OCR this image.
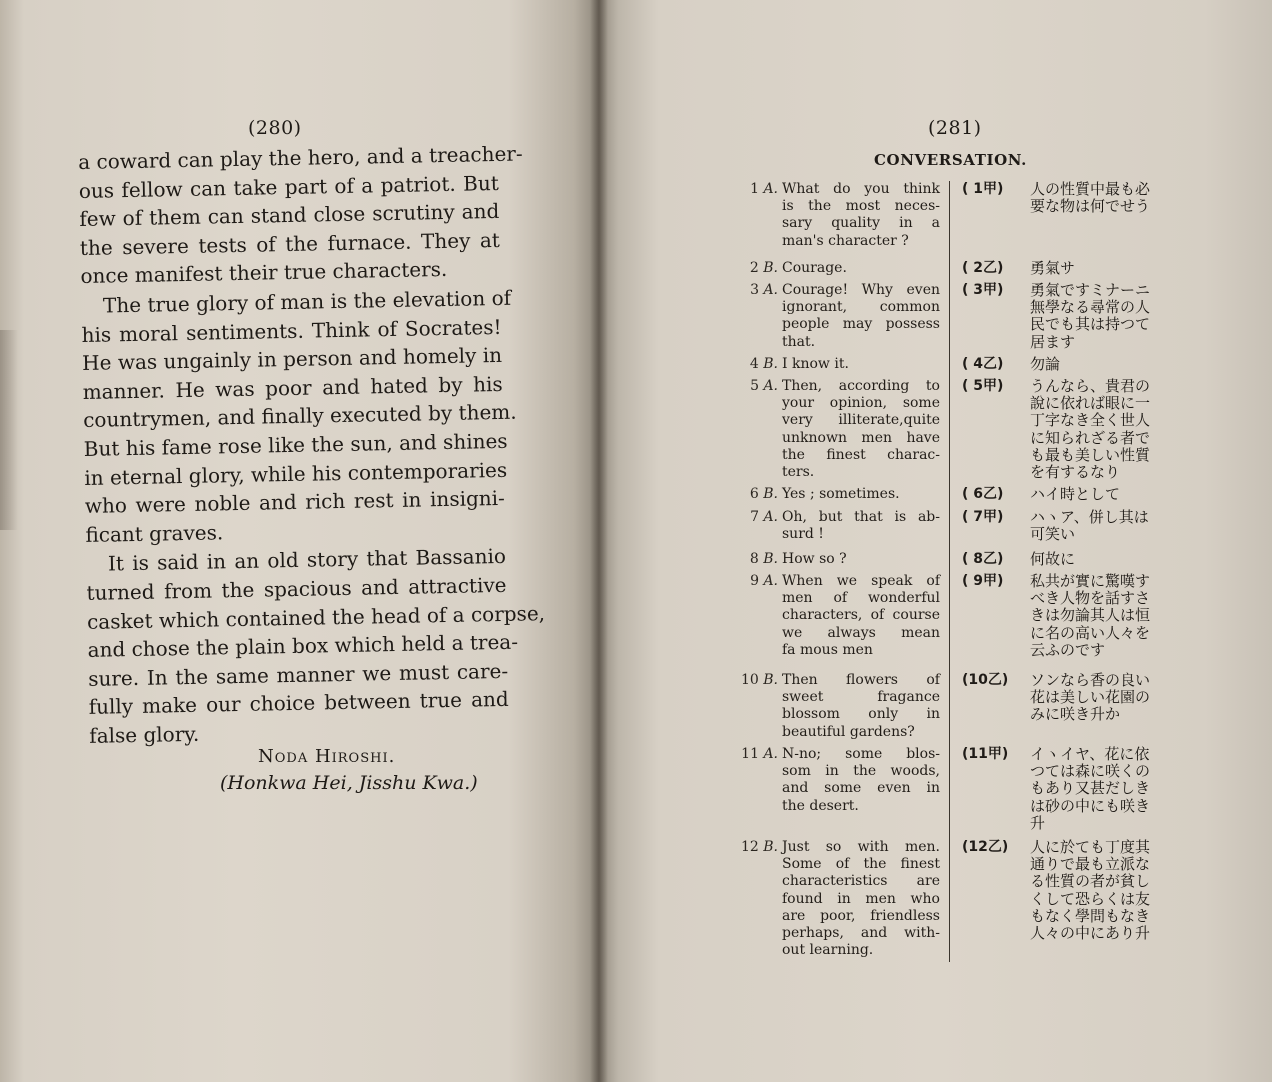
(280)
a coward can play the hero, and a treacher-
ous fellow can take part of a patriot. But
few of them can stand close scrutiny and
the severe tests of the furnace. They at
once manifest their true characters.
The true glory of man is the elevation of
his moral sentiments. Think of Socrates!
He was ungainly in person and homely in
manner. He was poor and hated by his
countrymen, and finally executed by them.
But his fame rose like the sun, and shines
in eternal glory, while his contemporaries
who were noble and rich rest in insigni-
ficant graves.
It is said in an old story that Bassanio
turned from the spacious and attractive
casket which contained the head of a corpse,
and chose the plain box which held a trea-
sure. In the same manner we must care-
fully make our choice between true and
false glory.
Noda Hiroshi.
(Honkwa Hei, Jisshu Kwa.)
(281)
CONVERSATION.
1 A. What do you think
is the most neces-
sary quality in a
man's character ?
( 1甲)	人の性質中最も必
要な物は何でせう
2 B. Courage.	( 2乙)	勇氣サ
3 A. Courage! Why even
ignorant, common
people may possess
that.
( 3甲)	勇氣ですミナーニ
無學なる尋常の人
民でも其は持つて
居ます
4 B. I know it.	( 4乙)	勿論
5 A. Then, according to
your opinion, some
very illiterate,quite
unknown men have
the finest charac-
ters.
( 5甲)	うんなら、貴君の
說に依れば眼に一
丁字なき全く世人
に知られざる者で
も最も美しい性質
を有するなり
6 B. Yes ; sometimes.	( 6乙)	ハイ時として
7 A. Oh, but that is ab-
surd !
( 7甲)	ハヽア、併し其は
可笑い
8 B. How so ?	( 8乙)	何故に
9 A. When we speak of
men of wonderful
characters, of course
we always mean
fa mous men
( 9甲)	私共が實に驚嘆す
べき人物を話すさ
きは勿論其人は恒
に名の高い人々を
云ふのです
10 B. Then flowers of
sweet fragance
blossom only in
beautiful gardens?
(10乙)	ソンなら香の良い
花は美しい花園の
みに咲き升か
11 A. N-no; some blos-
som in the woods,
and some even in
the desert.
(11甲)	イヽイヤ、花に依
つては森に咲くの
もあり又甚だしき
は砂の中にも咲き
升
12 B. Just so with men.
Some of the finest
characteristics are
found in men who
are poor, friendless
perhaps, and with-
out learning.
(12乙)	人に於ても丁度其
通りで最も立派な
る性質の者が貧し
くして恐らくは友
もなく學問もなき
人々の中にあり升
